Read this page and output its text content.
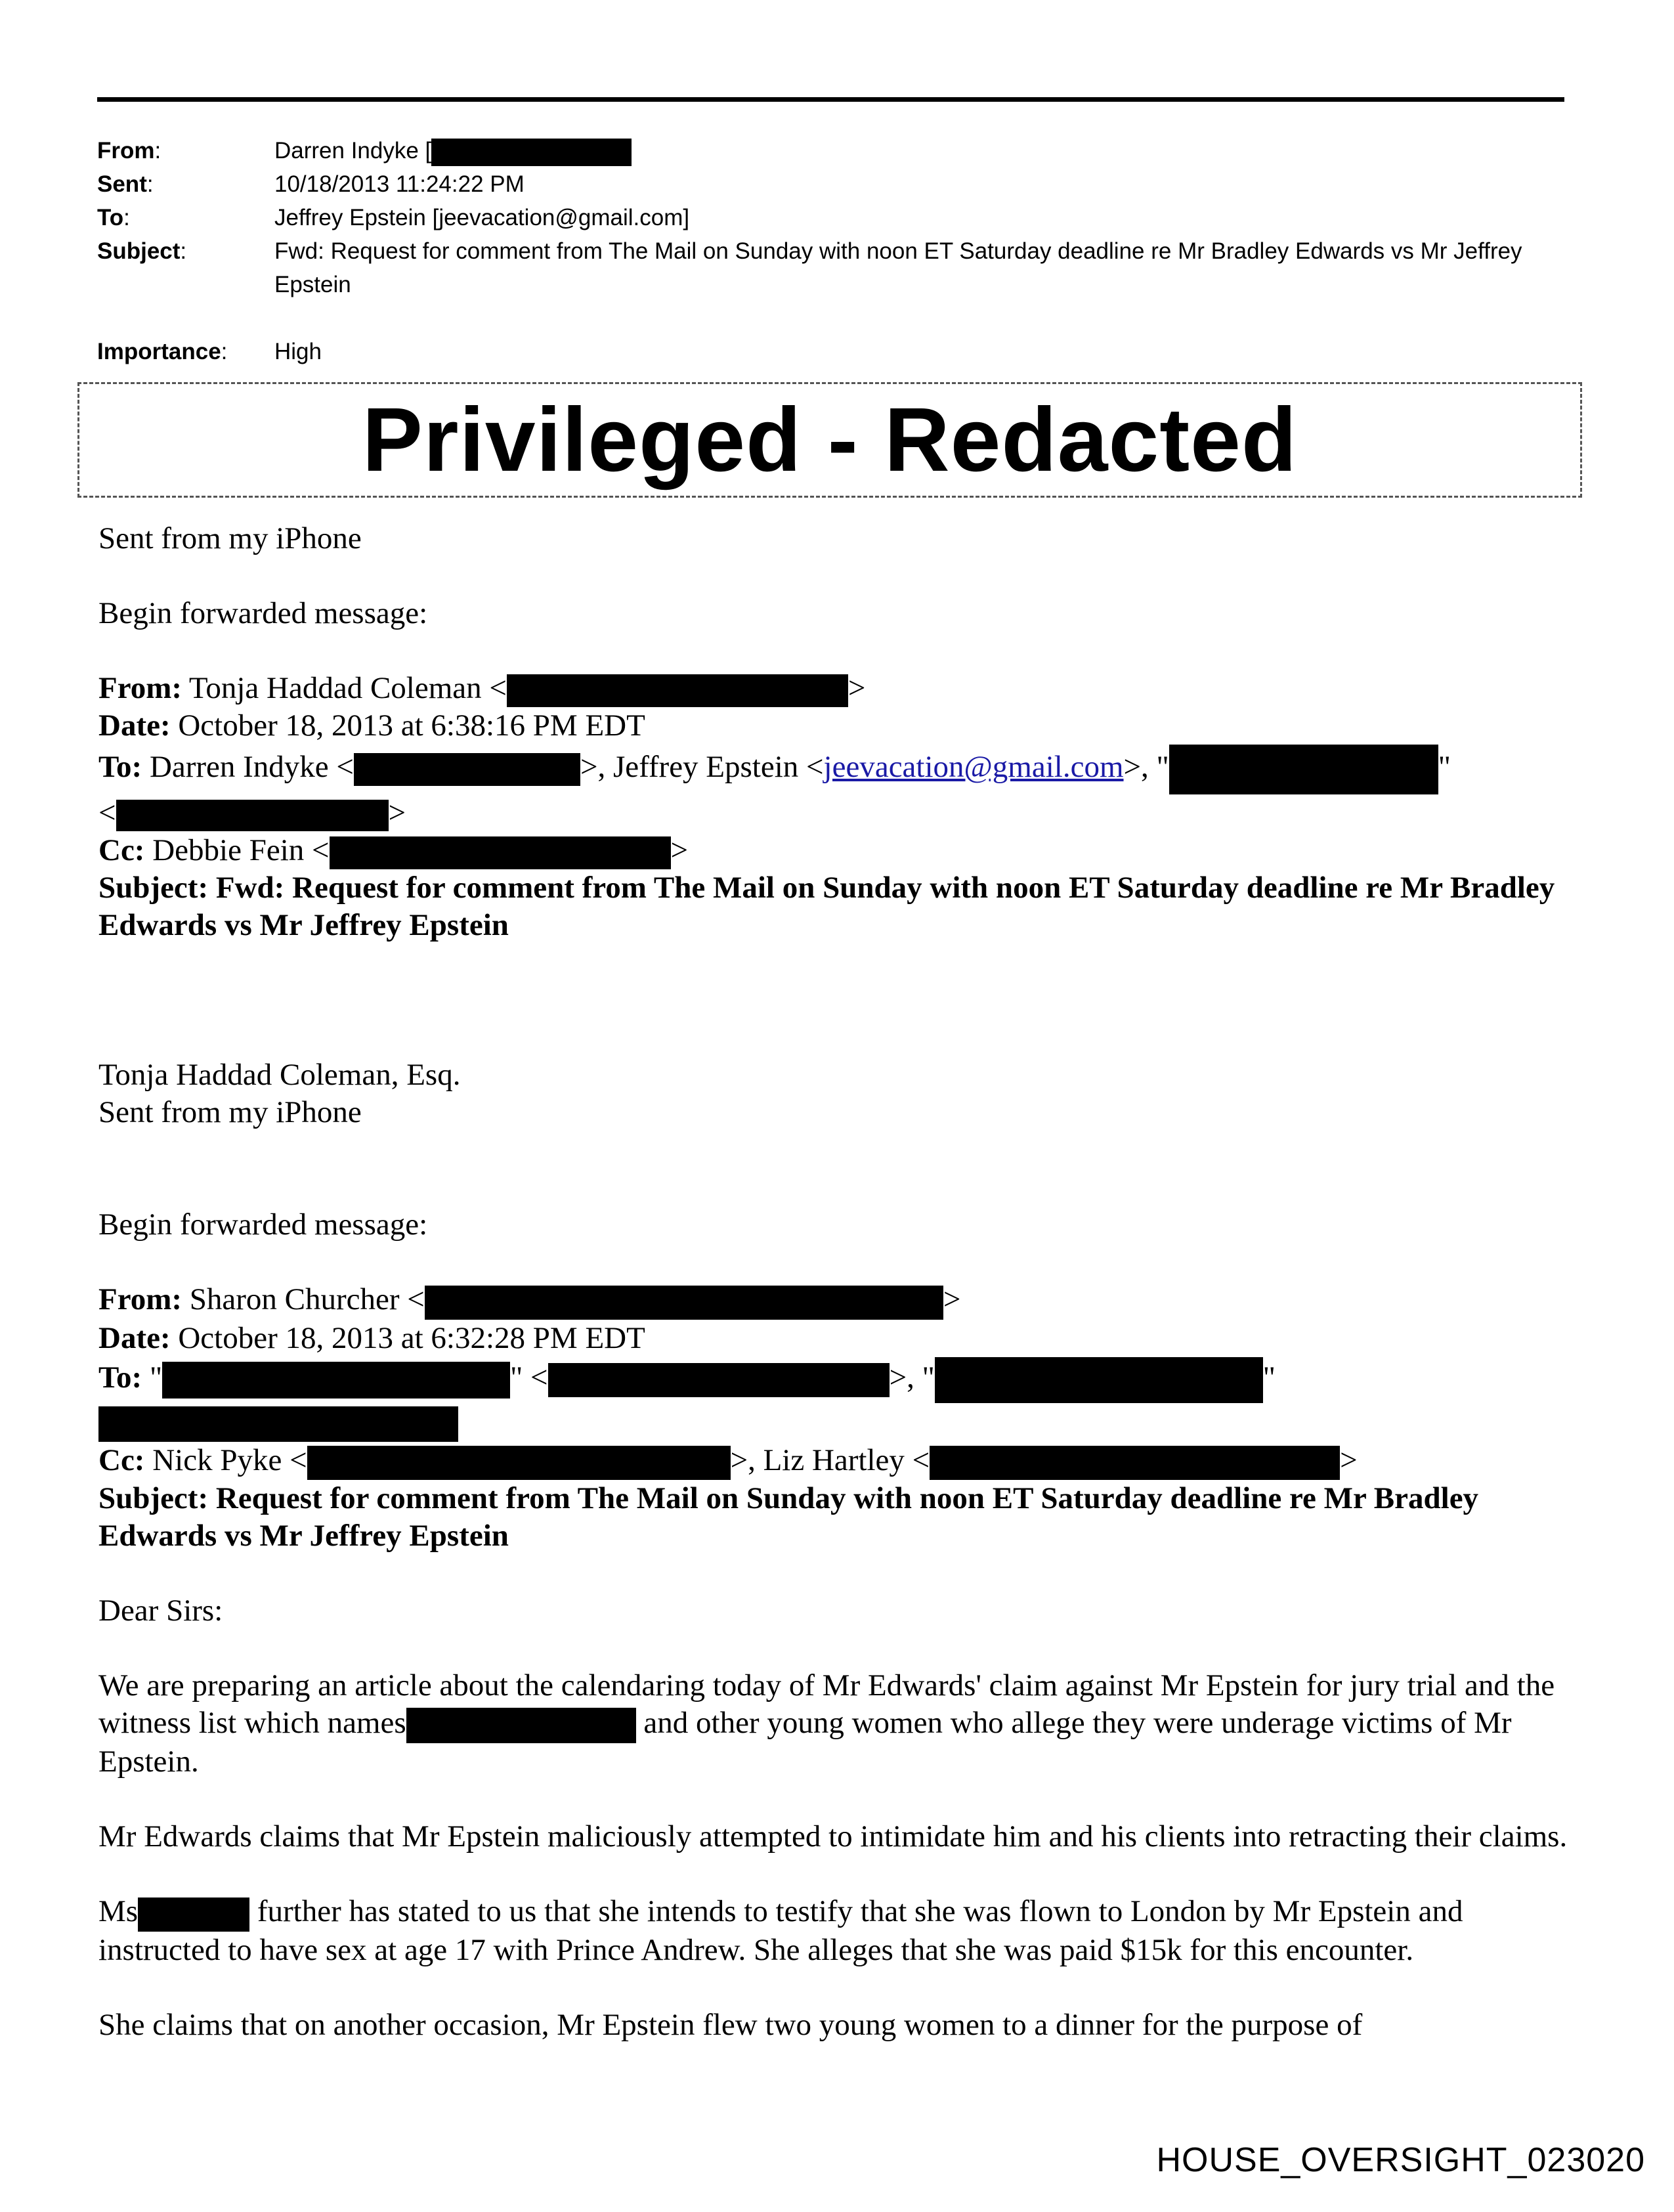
From:	Darren Indyke [
Sent:	10/18/2013 11:24:22 PM
To:	Jeffrey Epstein [jeevacation@gmail.com]
Subject:	Fwd: Request for comment from The Mail on Sunday with noon ET Saturday deadline re Mr Bradley Edwards vs Mr Jeffrey Epstein
Importance:	High
Privileged - Redacted

Sent from my iPhone

Begin forwarded message:

From: Tonja Haddad Coleman <	>

Date: October 18, 2013 at 6:38:16 PM EDT

To: Darren Indyke <	>, Jeffrey Epstein <jeevacation@gmail.com>, "	"

<	>

Cc: Debbie Fein <	>

Subject: Fwd: Request for comment from The Mail on Sunday with noon ET Saturday deadline re Mr Bradley Edwards vs Mr Jeffrey Epstein

Tonja Haddad Coleman, Esq.

Sent from my iPhone

Begin forwarded message:

From: Sharon Churcher <	>

Date: October 18, 2013 at 6:32:28 PM EDT

To: "	" <	>, "	"

Cc: Nick Pyke <	>, Liz Hartley <	>

Subject: Request for comment from The Mail on Sunday with noon ET Saturday deadline re Mr Bradley Edwards vs Mr Jeffrey Epstein

Dear Sirs:

We are preparing an article about the calendaring today of Mr Edwards' claim against Mr Epstein for jury trial and the witness list which names	and other young women who allege they were underage victims of Mr Epstein.

Mr Edwards claims that Mr Epstein maliciously attempted to intimidate him and his clients into retracting their claims.

Ms	further has stated to us that she intends to testify that she was flown to London by Mr Epstein and instructed to have sex at age 17 with Prince Andrew. She alleges that she was paid $15k for this encounter.

She claims that on another occasion, Mr Epstein flew two young women to a dinner for the purpose of

HOUSE_OVERSIGHT_023020
